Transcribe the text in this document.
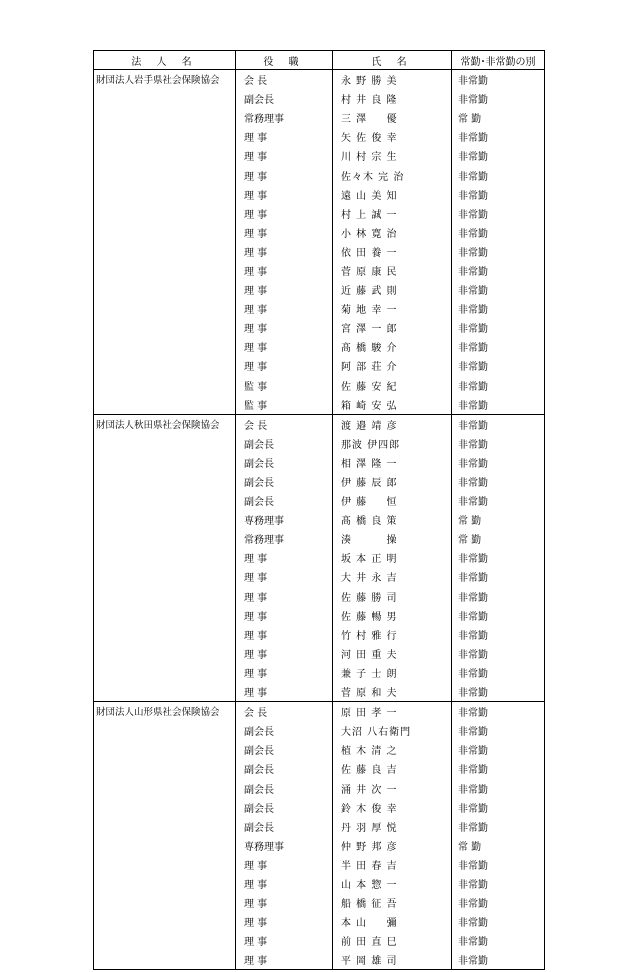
法 人 名	役 職	氏 名	常勤･非常勤の別
財団法人岩手県社会保険協会	会 長	永 野 勝 美	非常勤
	副会長	村 井 良 隆	非常勤
	常務理事	三 澤 　 優	常 勤
	理 事	矢 佐 俊 幸	非常勤
	理 事	川 村 宗 生	非常勤
	理 事	佐々木 完 治	非常勤
	理 事	遠 山 美 知	非常勤
	理 事	村 上 誠 一	非常勤
	理 事	小 林 寛 治	非常勤
	理 事	依 田 養 一	非常勤
	理 事	菅 原 康 民	非常勤
	理 事	近 藤 武 則	非常勤
	理 事	菊 地 幸 一	非常勤
	理 事	宮 澤 一 郎	非常勤
	理 事	髙 橋 駿 介	非常勤
	理 事	阿 部 荘 介	非常勤
	監 事	佐 藤 安 紀	非常勤
	監 事	箱 崎 安 弘	非常勤
財団法人秋田県社会保険協会	会 長	渡 邉 靖 彦	非常勤
	副会長	那波 伊四郎	非常勤
	副会長	相 澤 隆 一	非常勤
	副会長	伊 藤 辰 郎	非常勤
	副会長	伊 藤 　 恒	非常勤
	専務理事	髙 橋 良 策	常 勤
	常務理事	湊 　 　 操	常 勤
	理 事	坂 本 正 明	非常勤
	理 事	大 井 永 吉	非常勤
	理 事	佐 藤 勝 司	非常勤
	理 事	佐 藤 暢 男	非常勤
	理 事	竹 村 雅 行	非常勤
	理 事	河 田 重 夫	非常勤
	理 事	兼 子 士 朗	非常勤
	理 事	菅 原 和 夫	非常勤
財団法人山形県社会保険協会	会 長	原 田 孝 一	非常勤
	副会長	大沼 八右衛門	非常勤
	副会長	植 木 清 之	非常勤
	副会長	佐 藤 良 吉	非常勤
	副会長	涌 井 次 一	非常勤
	副会長	鈴 木 俊 幸	非常勤
	副会長	丹 羽 厚 悦	非常勤
	専務理事	仲 野 邦 彦	常 勤
	理 事	半 田 春 吉	非常勤
	理 事	山 本 惣 一	非常勤
	理 事	船 橋 征 吾	非常勤
	理 事	本 山 　 彌	非常勤
	理 事	前 田 直 巳	非常勤
	理 事	平 岡 雄 司	非常勤
